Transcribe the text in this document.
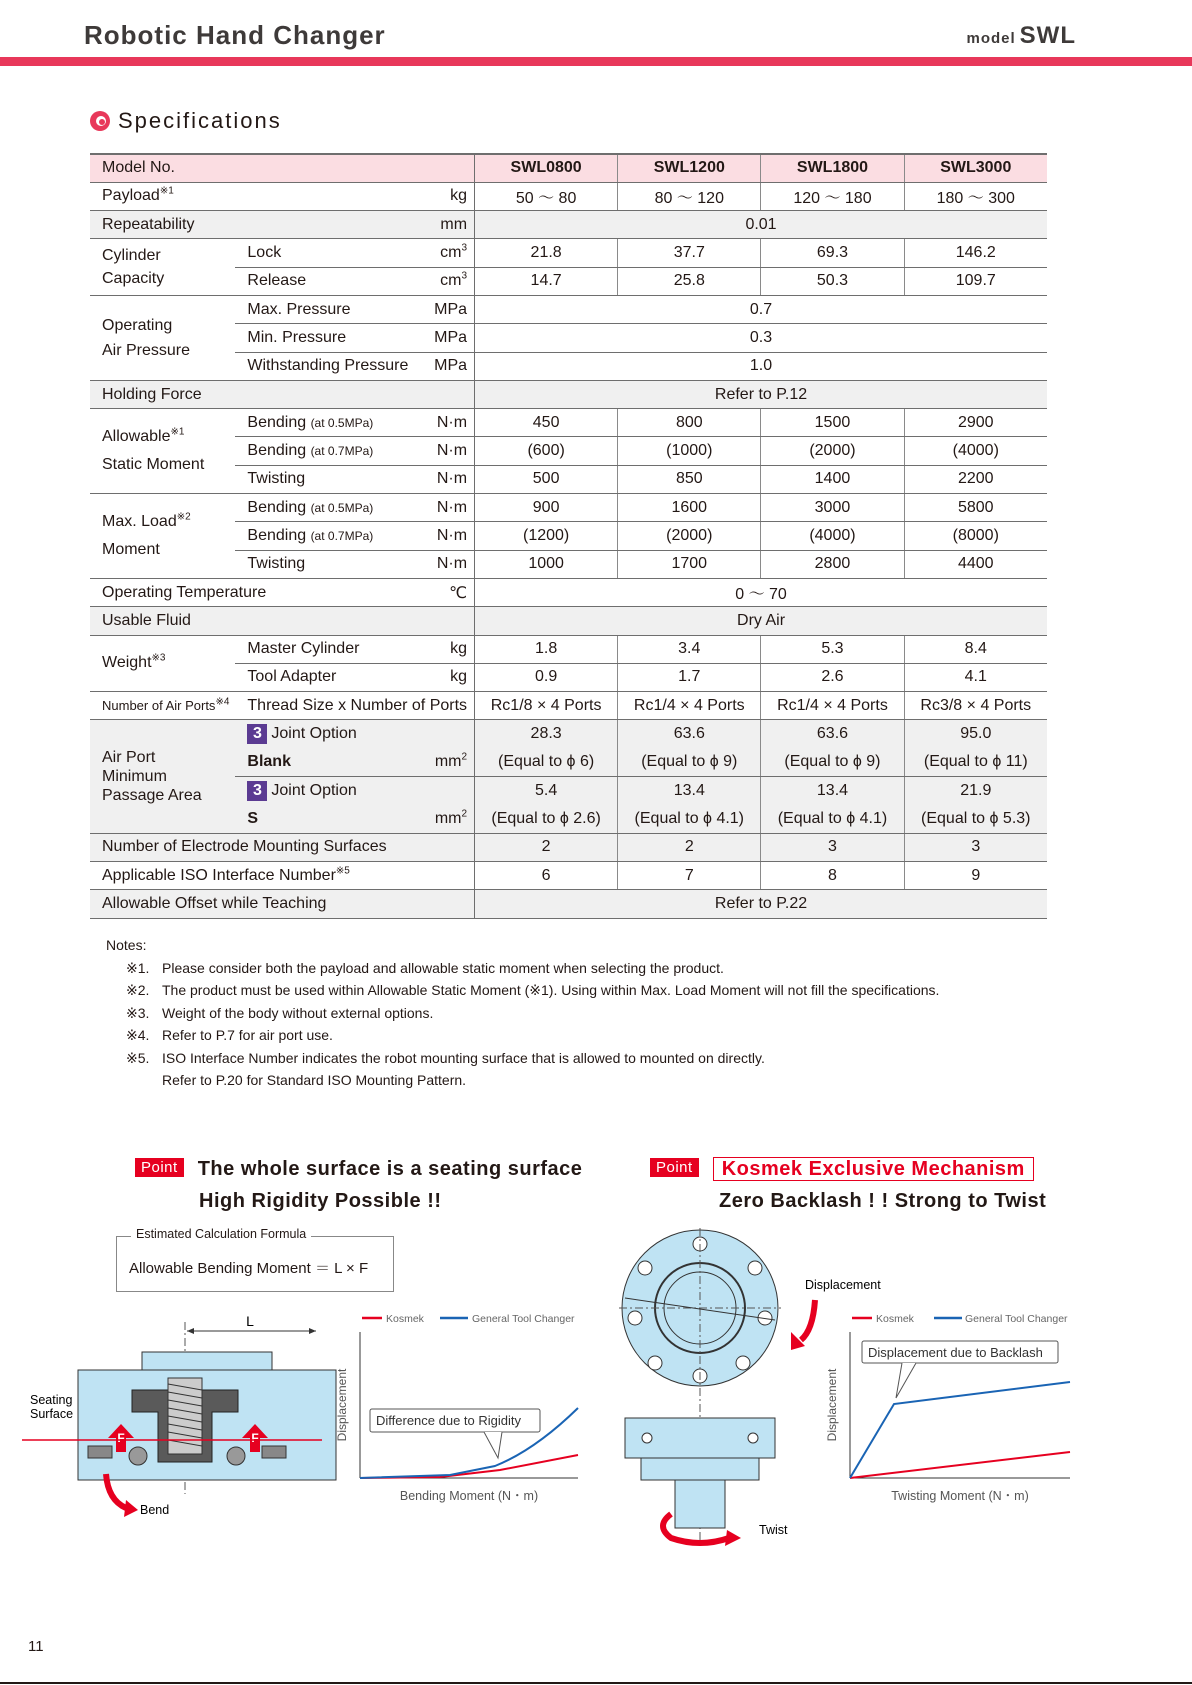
Robotic Hand Changer	model SWL
Specifications
Model No.			SWL0800	SWL1200	SWL1800	SWL3000
Payload$^{※1}$		kg	50 ～ 80	80 ～ 120	120 ～ 180	180 ～ 300
Repeatability		mm	0.01			
Cylinder
Capacity	Lock	$cm^3$	21.8	37.7	69.3	146.2
	Release	$cm^3$	14.7	25.8	50.3	109.7
Operating
Air Pressure	Max. Pressure	MPa	0.7			
	Min. Pressure	MPa	0.3			
	Withstanding Pressure	MPa	1.0			
Holding Force			Refer to P.12			
Allowable$^{※1}$
Static Moment	Bending (at 0.5MPa)	N·m	450	800	1500	2900
	Bending (at 0.7MPa)	N·m	(600)	(1000)	(2000)	(4000)
	Twisting	N·m	500	850	1400	2200
Max. Load$^{※2}$
Moment	Bending (at 0.5MPa)	N·m	900	1600	3000	5800
	Bending (at 0.7MPa)	N·m	(1200)	(2000)	(4000)	(8000)
	Twisting	N·m	1000	1700	2800	4400
Operating Temperature		℃	0 ～ 70			
Usable Fluid			Dry Air			
Weight$^{※3}$	Master Cylinder	kg	1.8	3.4	5.3	8.4
	Tool Adapter	kg	0.9	1.7	2.6	4.1
Number of Air Ports$^{※4}$	Thread Size x Number of Ports		Rc1/8 × 4 Ports	Rc1/4 × 4 Ports	Rc1/4 × 4 Ports	Rc3/8 × 4 Ports
Air Port
Minimum
Passage Area	3 Joint Option		28.3	63.6	63.6	95.0
	Blank	$mm^2$	(Equal to ϕ 6)	(Equal to ϕ 9)	(Equal to ϕ 9)	(Equal to ϕ 11)
	3 Joint Option		5.4	13.4	13.4	21.9
	S	$mm^2$	(Equal to ϕ 2.6)	(Equal to ϕ 4.1)	(Equal to ϕ 4.1)	(Equal to ϕ 5.3)
Number of Electrode Mounting Surfaces			2	2	3	3
Applicable ISO Interface Number$^{※5}$			6	7	8	9
Allowable Offset while Teaching			Refer to P.22			
Notes:
※1. Please consider both the payload and allowable static moment when selecting the product.
※2. The product must be used within Allowable Static Moment (※1). Using within Max. Load Moment will not fill the specifications.
※3. Weight of the body without external options.
※4. Refer to P.7 for air port use.
※5. ISO Interface Number indicates the robot mounting surface that is allowed to mounted on directly.
Refer to P.20 for Standard ISO Mounting Pattern.
Point The whole surface is a seating surface
High Rigidity Possible !!
Estimated Calculation Formula
Allowable Bending Moment ＝ L × F
L
F	F
Seating
Surface
Bend
Kosmek	General Tool Changer
Displacement
Bending Moment (N・m)
Difference due to Rigidity
Point Kosmek Exclusive Mechanism
Zero Backlash ! ! Strong to Twist
Displacement
Twist
Kosmek	General Tool Changer
Displacement
Twisting Moment (N・m)
Displacement due to Backlash
11
